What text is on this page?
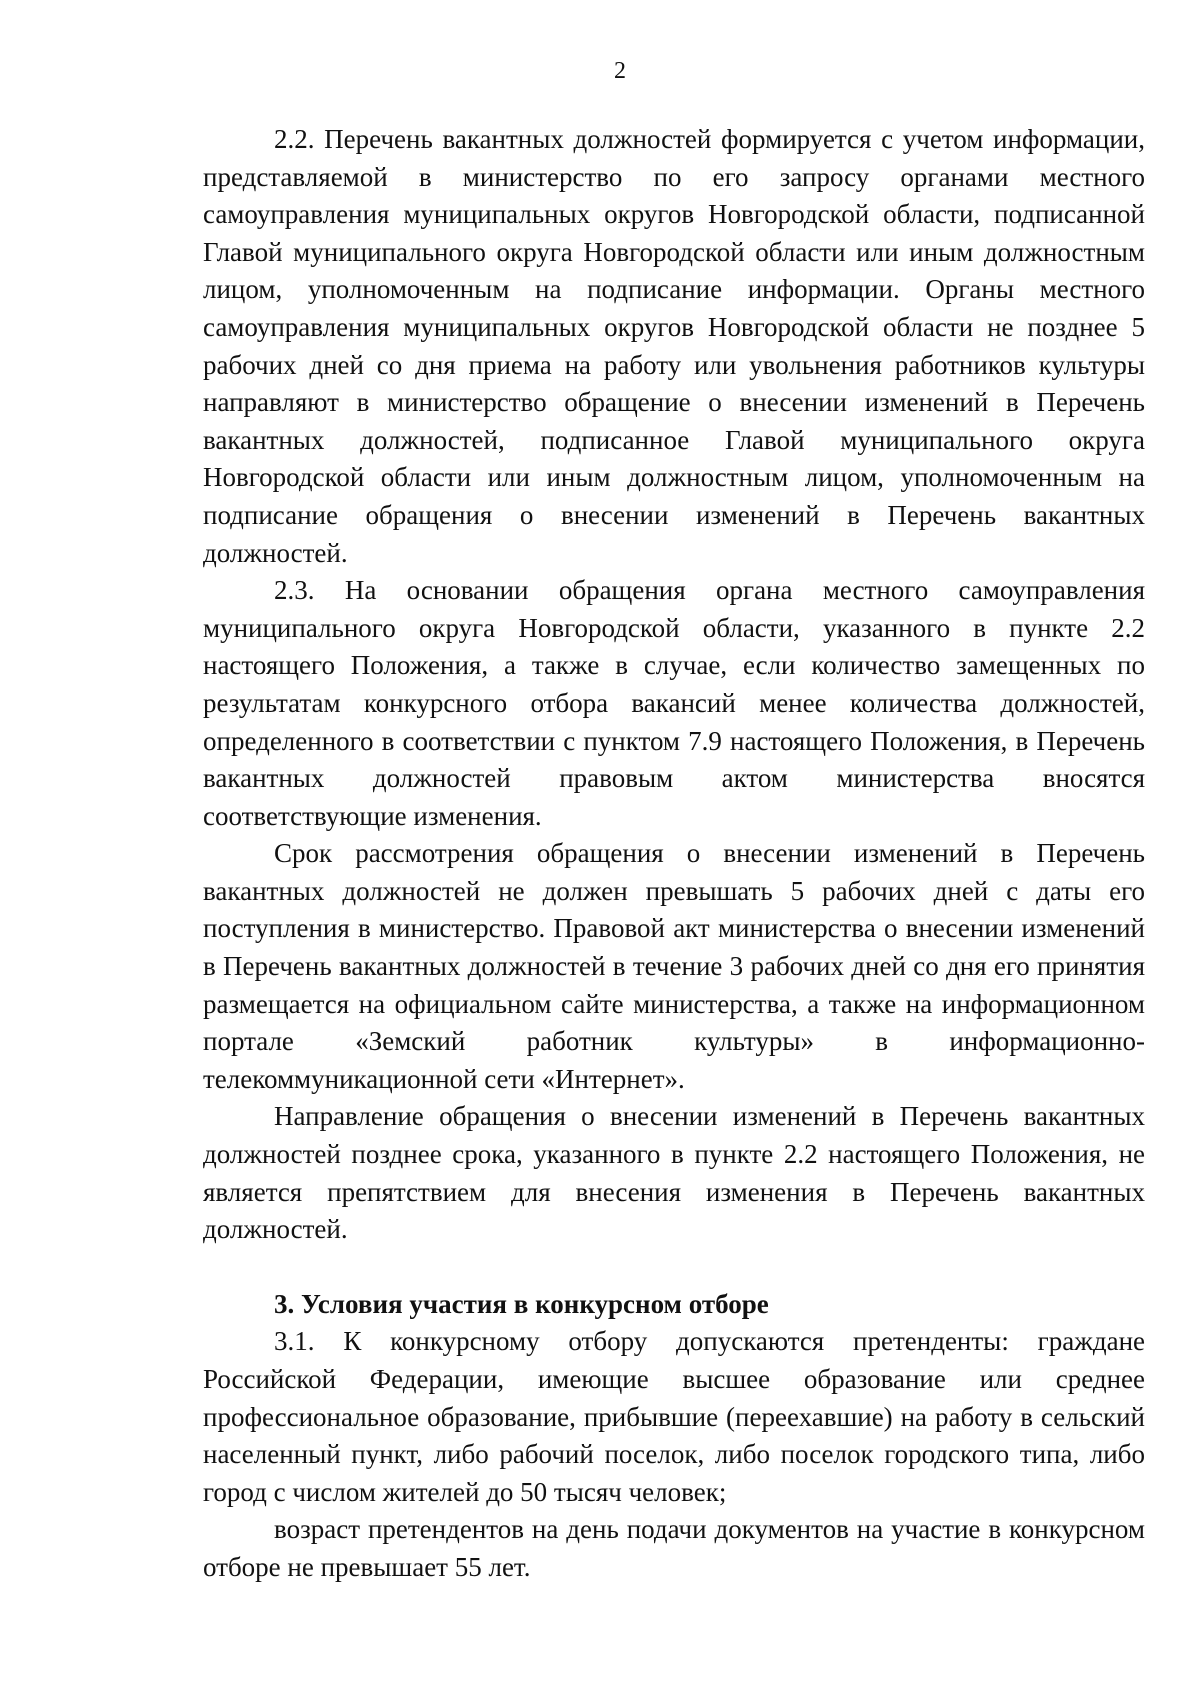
2

2.2. Перечень вакантных должностей формируется с учетом информации, представляемой в министерство по его запросу органами местного самоуправления муниципальных округов Новгородской области, подписанной Главой муниципального округа Новгородской области или иным должностным лицом, уполномоченным на подписание информации. Органы местного самоуправления муниципальных округов Новгородской области не позднее 5 рабочих дней со дня приема на работу или увольнения работников культуры направляют в министерство обращение о внесении изменений в Перечень вакантных должностей, подписанное Главой муниципального округа Новгородской области или иным должностным лицом, уполномоченным на подписание обращения о внесении изменений в Перечень вакантных должностей.

2.3. На основании обращения органа местного самоуправления муниципального округа Новгородской области, указанного в пункте 2.2 настоящего Положения, а также в случае, если количество замещенных по результатам конкурсного отбора вакансий менее количества должностей, определенного в соответствии с пунктом 7.9 настоящего Положения, в Перечень вакантных должностей правовым актом министерства вносятся соответствующие изменения.

Срок рассмотрения обращения о внесении изменений в Перечень вакантных должностей не должен превышать 5 рабочих дней с даты его поступления в министерство. Правовой акт министерства о внесении изменений в Перечень вакантных должностей в течение 3 рабочих дней со дня его принятия размещается на официальном сайте министерства, а также на информационном портале «Земский работник культуры» в информационно-телекоммуникационной сети «Интернет».

Направление обращения о внесении изменений в Перечень вакантных должностей позднее срока, указанного в пункте 2.2 настоящего Положения, не является препятствием для внесения изменения в Перечень вакантных должностей.

3. Условия участия в конкурсном отборе

3.1. К конкурсному отбору допускаются претенденты: граждане Российской Федерации, имеющие высшее образование или среднее профессиональное образование, прибывшие (переехавшие) на работу в сельский населенный пункт, либо рабочий поселок, либо поселок городского типа, либо город с числом жителей до 50 тысяч человек;

возраст претендентов на день подачи документов на участие в конкурсном отборе не превышает 55 лет.
